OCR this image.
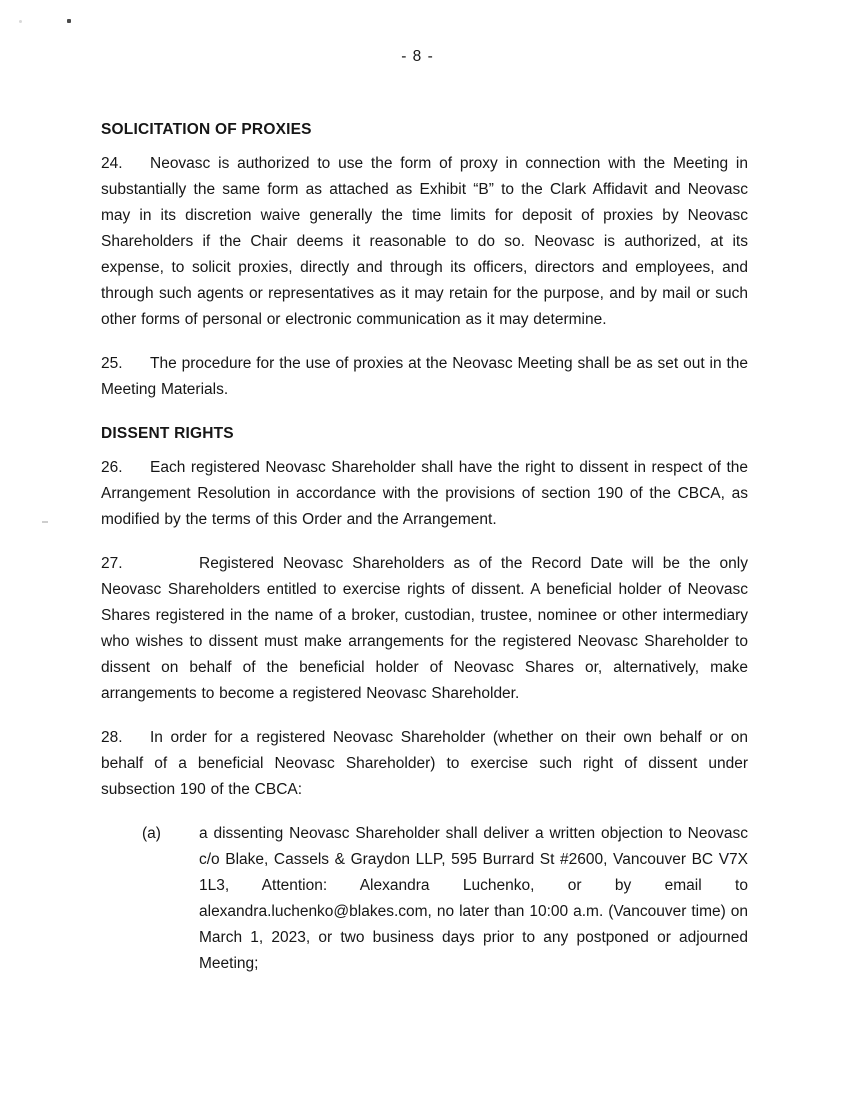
- 8 -
SOLICITATION OF PROXIES

24. Neovasc is authorized to use the form of proxy in connection with the Meeting in substantially the same form as attached as Exhibit “B” to the Clark Affidavit and Neovasc may in its discretion waive generally the time limits for deposit of proxies by Neovasc Shareholders if the Chair deems it reasonable to do so. Neovasc is authorized, at its expense, to solicit proxies, directly and through its officers, directors and employees, and through such agents or representatives as it may retain for the purpose, and by mail or such other forms of personal or electronic communication as it may determine.

25. The procedure for the use of proxies at the Neovasc Meeting shall be as set out in the Meeting Materials.

DISSENT RIGHTS

26. Each registered Neovasc Shareholder shall have the right to dissent in respect of the Arrangement Resolution in accordance with the provisions of section 190 of the CBCA, as modified by the terms of this Order and the Arrangement.

27.	Registered Neovasc Shareholders as of the Record Date will be the only Neovasc Shareholders entitled to exercise rights of dissent. A beneficial holder of Neovasc Shares registered in the name of a broker, custodian, trustee, nominee or other intermediary who wishes to dissent must make arrangements for the registered Neovasc Shareholder to dissent on behalf of the beneficial holder of Neovasc Shares or, alternatively, make arrangements to become a registered Neovasc Shareholder.

28. In order for a registered Neovasc Shareholder (whether on their own behalf or on behalf of a beneficial Neovasc Shareholder) to exercise such right of dissent under subsection 190 of the CBCA:

(a)	a dissenting Neovasc Shareholder shall deliver a written objection to Neovasc c/o Blake, Cassels & Graydon LLP, 595 Burrard St #2600, Vancouver BC V7X 1L3, Attention: Alexandra Luchenko, or by email to alexandra.luchenko@blakes.com, no later than 10:00 a.m. (Vancouver time) on March 1, 2023, or two business days prior to any postponed or adjourned Meeting;
